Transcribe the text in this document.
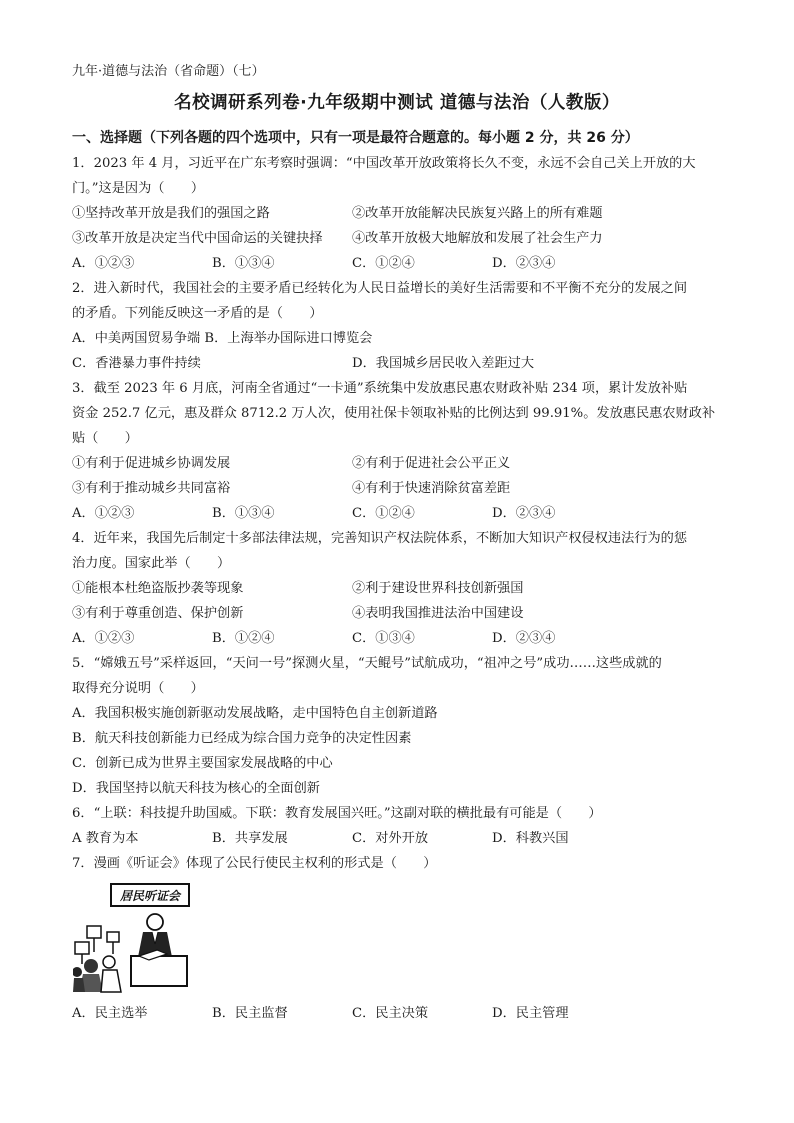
九年·道德与法治（省命题）（七）
名校调研系列卷·九年级期中测试 道德与法治（人教版）
一、选择题（下列各题的四个选项中，只有一项是最符合题意的。每小题 2 分，共 26 分）
1．2023 年 4 月，习近平在广东考察时强调：“中国改革开放政策将长久不变，永远不会自己关上开放的大
门。”这是因为（　　）
①坚持改革开放是我们的强国之路	②改革开放能解决民族复兴路上的所有难题
③改革开放是决定当代中国命运的关键抉择 ④改革开放极大地解放和发展了社会生产力
A．①②③	B．①③④	C．①②④	D．②③④
2．进入新时代，我国社会的主要矛盾已经转化为人民日益增长的美好生活需要和不平衡不充分的发展之间
的矛盾。下列能反映这一矛盾的是（　　）
A．中美两国贸易争端 B．上海举办国际进口博览会
C．香港暴力事件持续	D．我国城乡居民收入差距过大
3．截至 2023 年 6 月底，河南全省通过“一卡通”系统集中发放惠民惠农财政补贴 234 项，累计发放补贴
资金 252.7 亿元，惠及群众 8712.2 万人次，使用社保卡领取补贴的比例达到 99.91%。发放惠民惠农财政补
贴（　　）
①有利于促进城乡协调发展	②有利于促进社会公平正义
③有利于推动城乡共同富裕	④有利于快速消除贫富差距
A．①②③	B．①③④	C．①②④	D．②③④
4．近年来，我国先后制定十多部法律法规，完善知识产权法院体系，不断加大知识产权侵权违法行为的惩
治力度。国家此举（　　）
①能根本杜绝盗版抄袭等现象	②利于建设世界科技创新强国
③有利于尊重创造、保护创新	④表明我国推进法治中国建设
A．①②③	B．①②④	C．①③④	D．②③④
5．“嫦娥五号”采样返回，“天问一号”探测火星，“天鲲号”试航成功，“祖冲之号”成功……这些成就的
取得充分说明（　　）
A．我国积极实施创新驱动发展战略，走中国特色自主创新道路
B．航天科技创新能力已经成为综合国力竞争的决定性因素
C．创新已成为世界主要国家发展战略的中心
D．我国坚持以航天科技为核心的全面创新
6．“上联：科技提升助国威。下联：教育发展国兴旺。”这副对联的横批最有可能是（　　）
A 教育为本	B．共享发展	C．对外开放	D．科教兴国
7．漫画《听证会》体现了公民行使民主权利的形式是（　　）
居民听证会
A．民主选举	B．民主监督	C．民主决策	D．民主管理
